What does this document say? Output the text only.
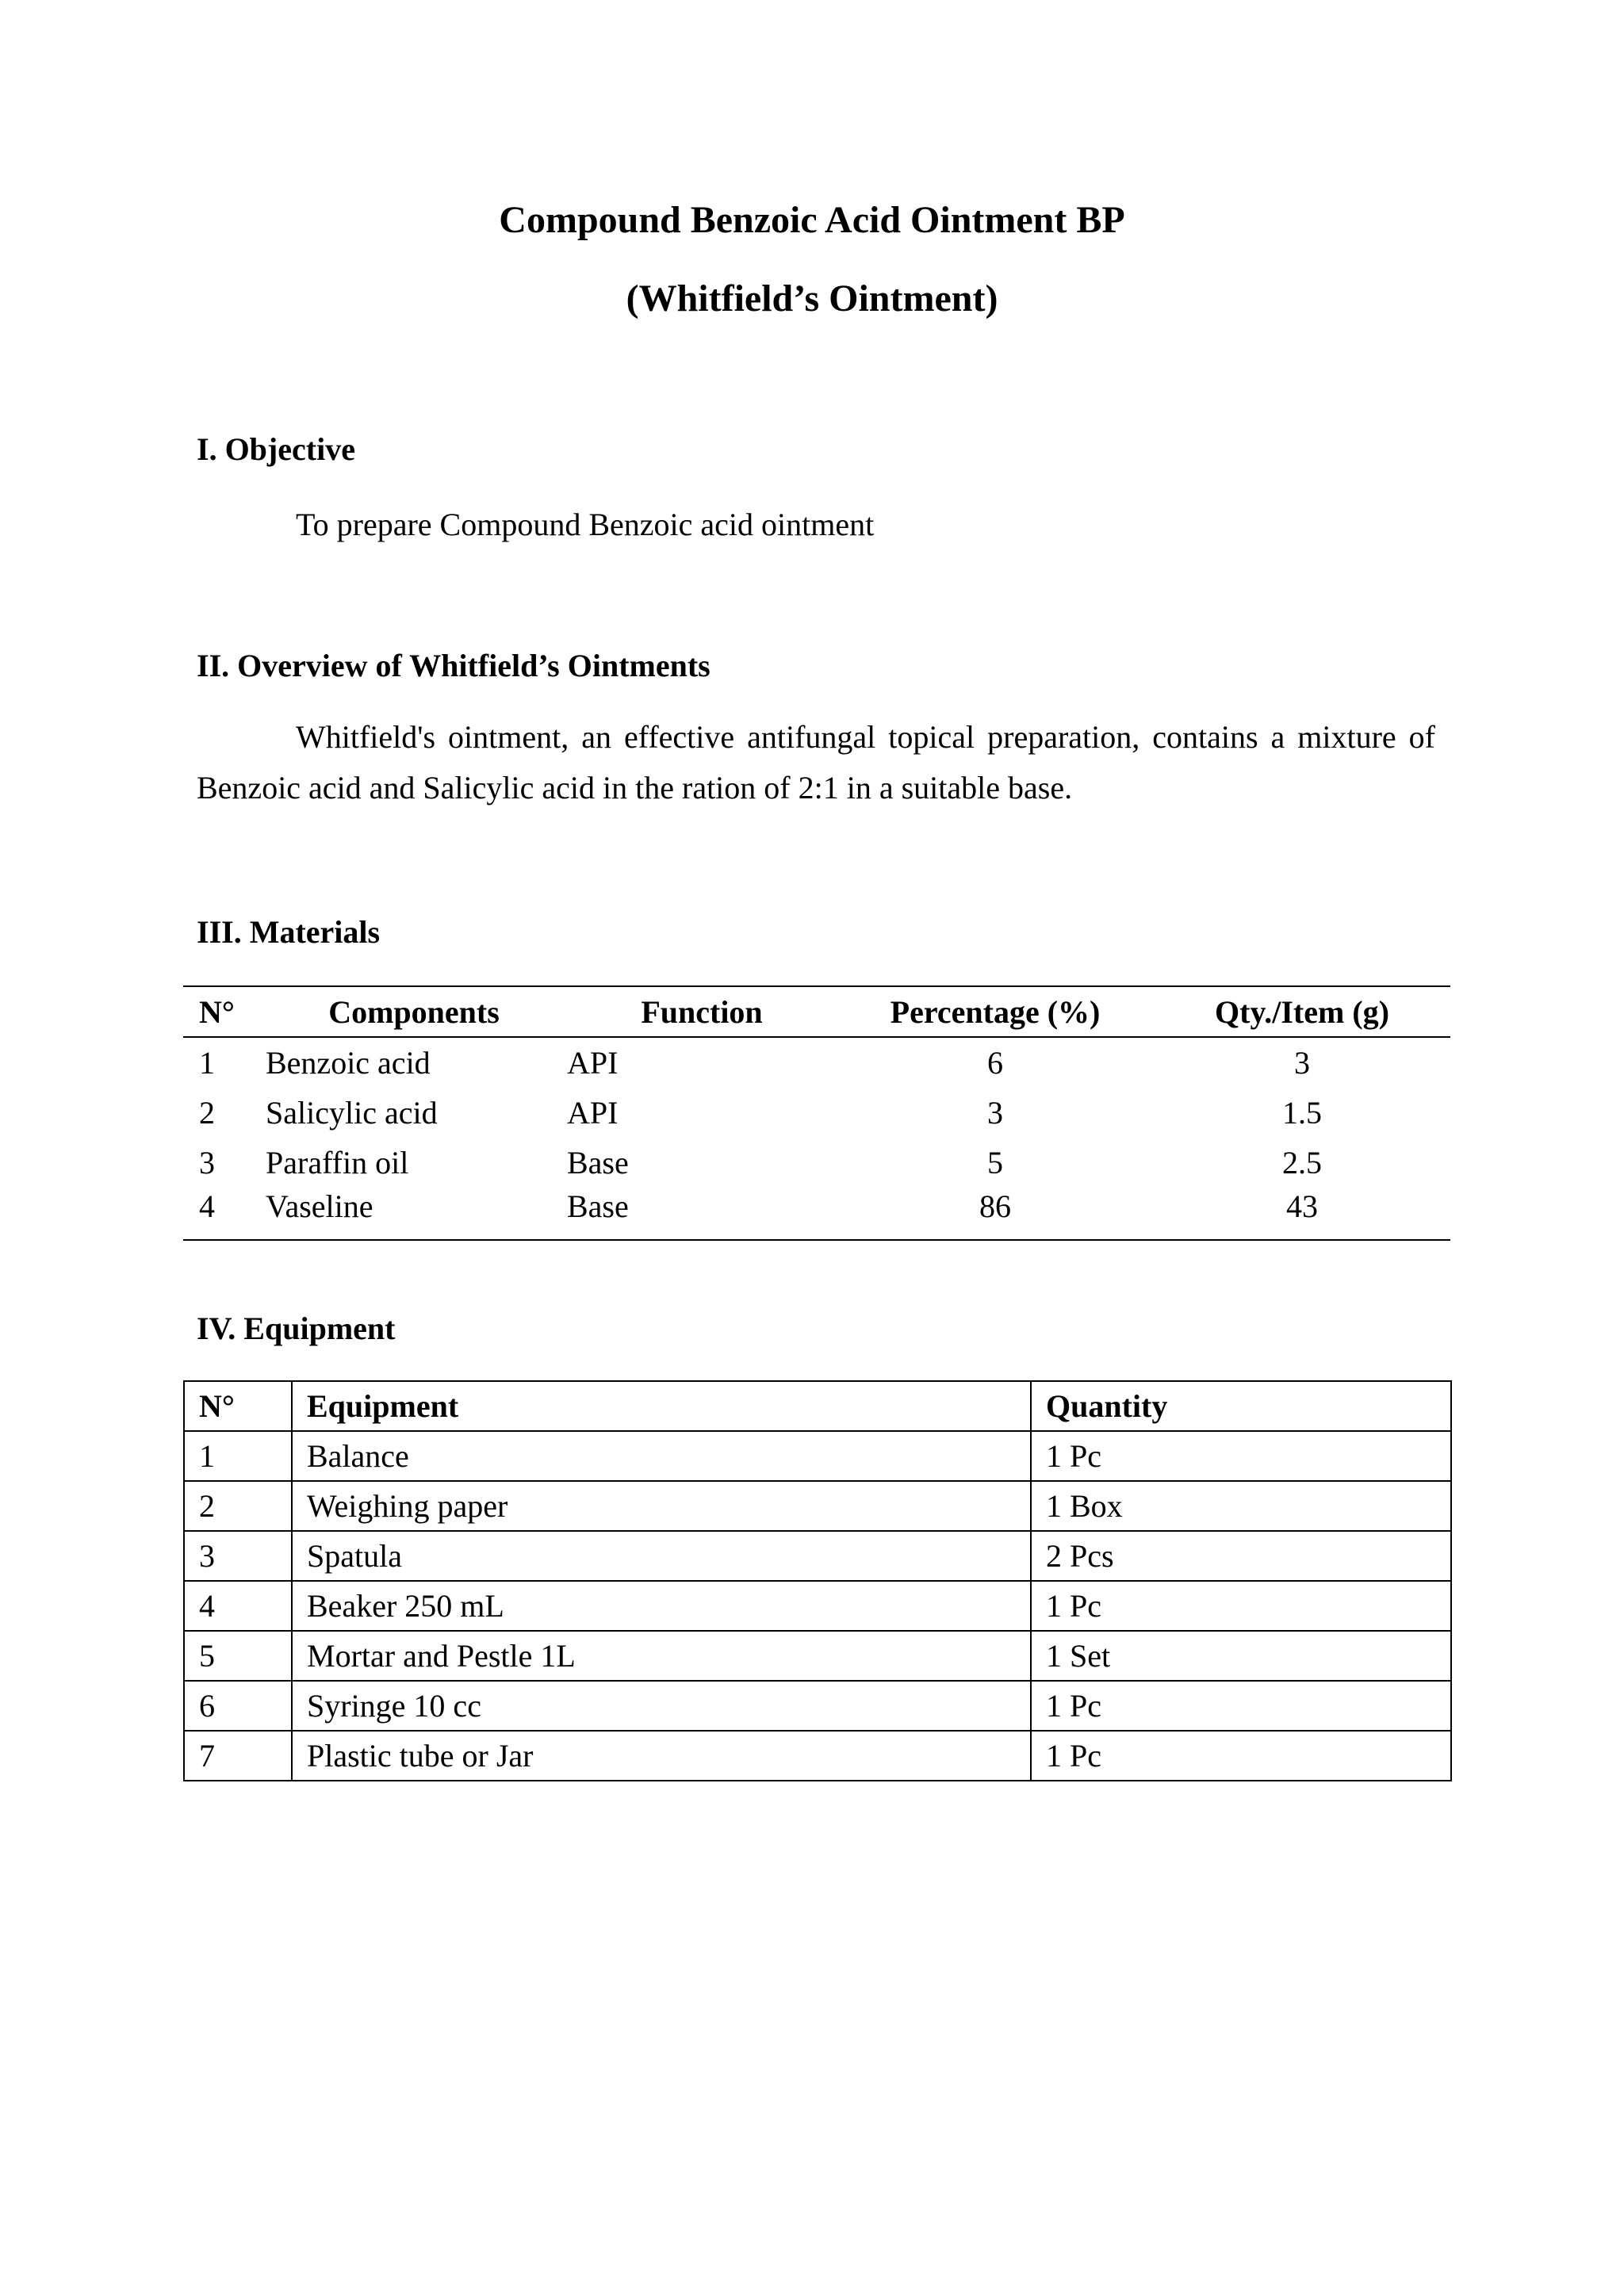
Compound Benzoic Acid Ointment BP
(Whitfield’s Ointment)
I. Objective

To prepare Compound Benzoic acid ointment

II. Overview of Whitfield’s Ointments

Whitfield's ointment, an effective antifungal topical preparation, contains a mixture of Benzoic acid and Salicylic acid in the ration of 2:1 in a suitable base.

III. Materials
N°	Components	Function	Percentage (%)	Qty./Item (g)
1	Benzoic acid	API	6	3
2	Salicylic acid	API	3	1.5
3	Paraffin oil	Base	5	2.5
4	Vaseline	Base	86	43
IV. Equipment
N°	Equipment	Quantity
1	Balance	1 Pc
2	Weighing paper	1 Box
3	Spatula	2 Pcs
4	Beaker 250 mL	1 Pc
5	Mortar and Pestle 1L	1 Set
6	Syringe 10 cc	1 Pc
7	Plastic tube or Jar	1 Pc
